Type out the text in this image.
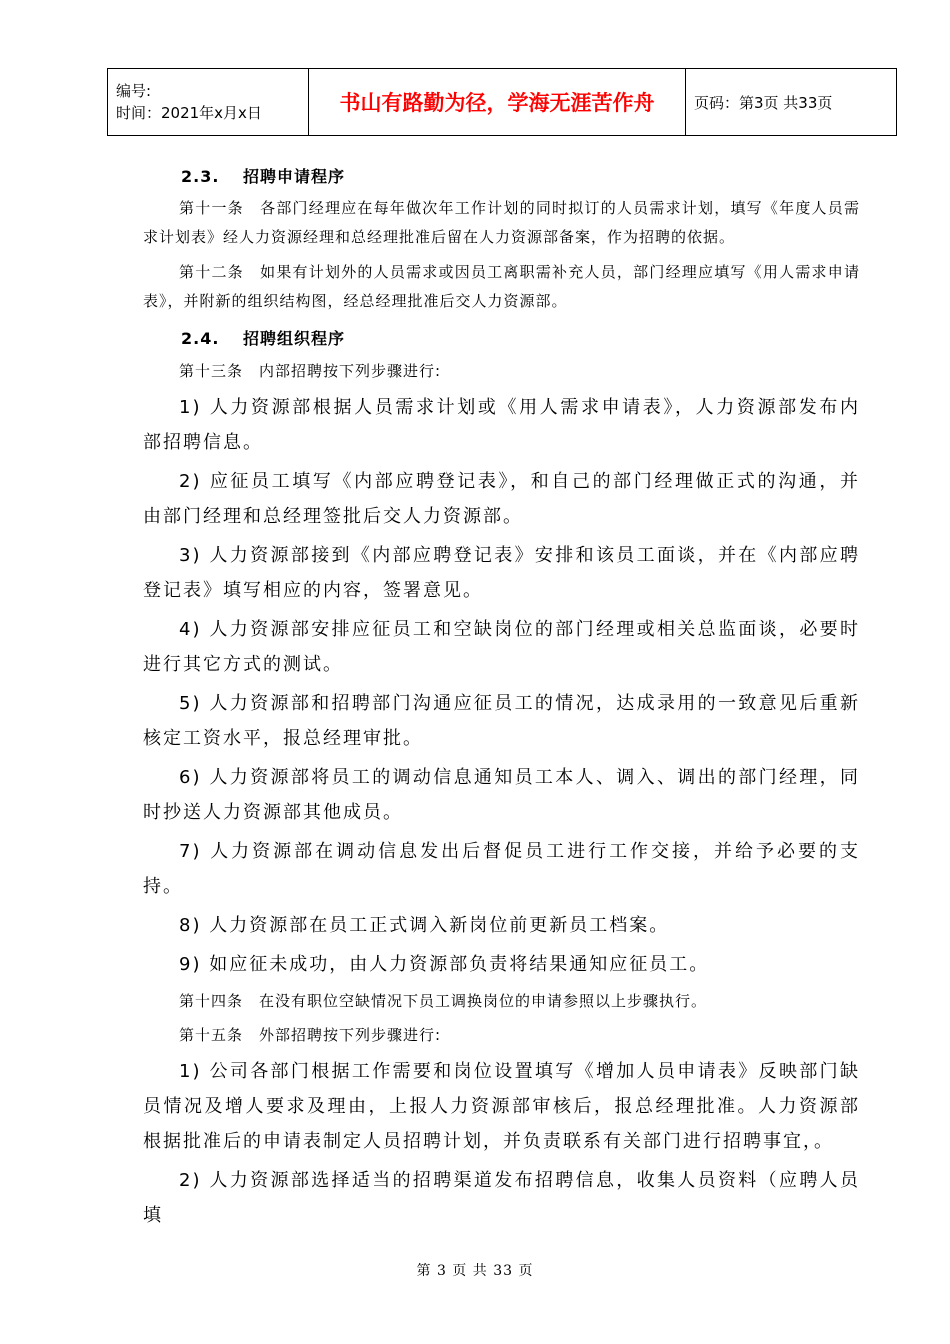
编号:
时间：2021年x月x日	书山有路勤为径，学海无涯苦作舟	页码：第3页 共33页
2.3. 招聘申请程序

第十一条　各部门经理应在每年做次年工作计划的同时拟订的人员需求计划，填写《年度人员需求计划表》经人力资源经理和总经理批准后留在人力资源部备案，作为招聘的依据。

第十二条　如果有计划外的人员需求或因员工离职需补充人员，部门经理应填写《用人需求申请表》，并附新的组织结构图，经总经理批准后交人力资源部。

2.4. 招聘组织程序

第十三条　内部招聘按下列步骤进行:

1) 人力资源部根据人员需求计划或《用人需求申请表》，人力资源部发布内部招聘信息。

2) 应征员工填写《内部应聘登记表》，和自己的部门经理做正式的沟通，并由部门经理和总经理签批后交人力资源部。

3) 人力资源部接到《内部应聘登记表》安排和该员工面谈，并在《内部应聘登记表》填写相应的内容，签署意见。

4) 人力资源部安排应征员工和空缺岗位的部门经理或相关总监面谈，必要时进行其它方式的测试。

5) 人力资源部和招聘部门沟通应征员工的情况，达成录用的一致意见后重新核定工资水平，报总经理审批。

6) 人力资源部将员工的调动信息通知员工本人、调入、调出的部门经理，同时抄送人力资源部其他成员。

7) 人力资源部在调动信息发出后督促员工进行工作交接，并给予必要的支持。

8) 人力资源部在员工正式调入新岗位前更新员工档案。

9) 如应征未成功，由人力资源部负责将结果通知应征员工。

第十四条　在没有职位空缺情况下员工调换岗位的申请参照以上步骤执行。

第十五条　外部招聘按下列步骤进行:

1) 公司各部门根据工作需要和岗位设置填写《增加人员申请表》反映部门缺员情况及增人要求及理由，上报人力资源部审核后，报总经理批准。人力资源部根据批准后的申请表制定人员招聘计划，并负责联系有关部门进行招聘事宜，。

2) 人力资源部选择适当的招聘渠道发布招聘信息，收集人员资料（应聘人员填

第 3 页 共 33 页
